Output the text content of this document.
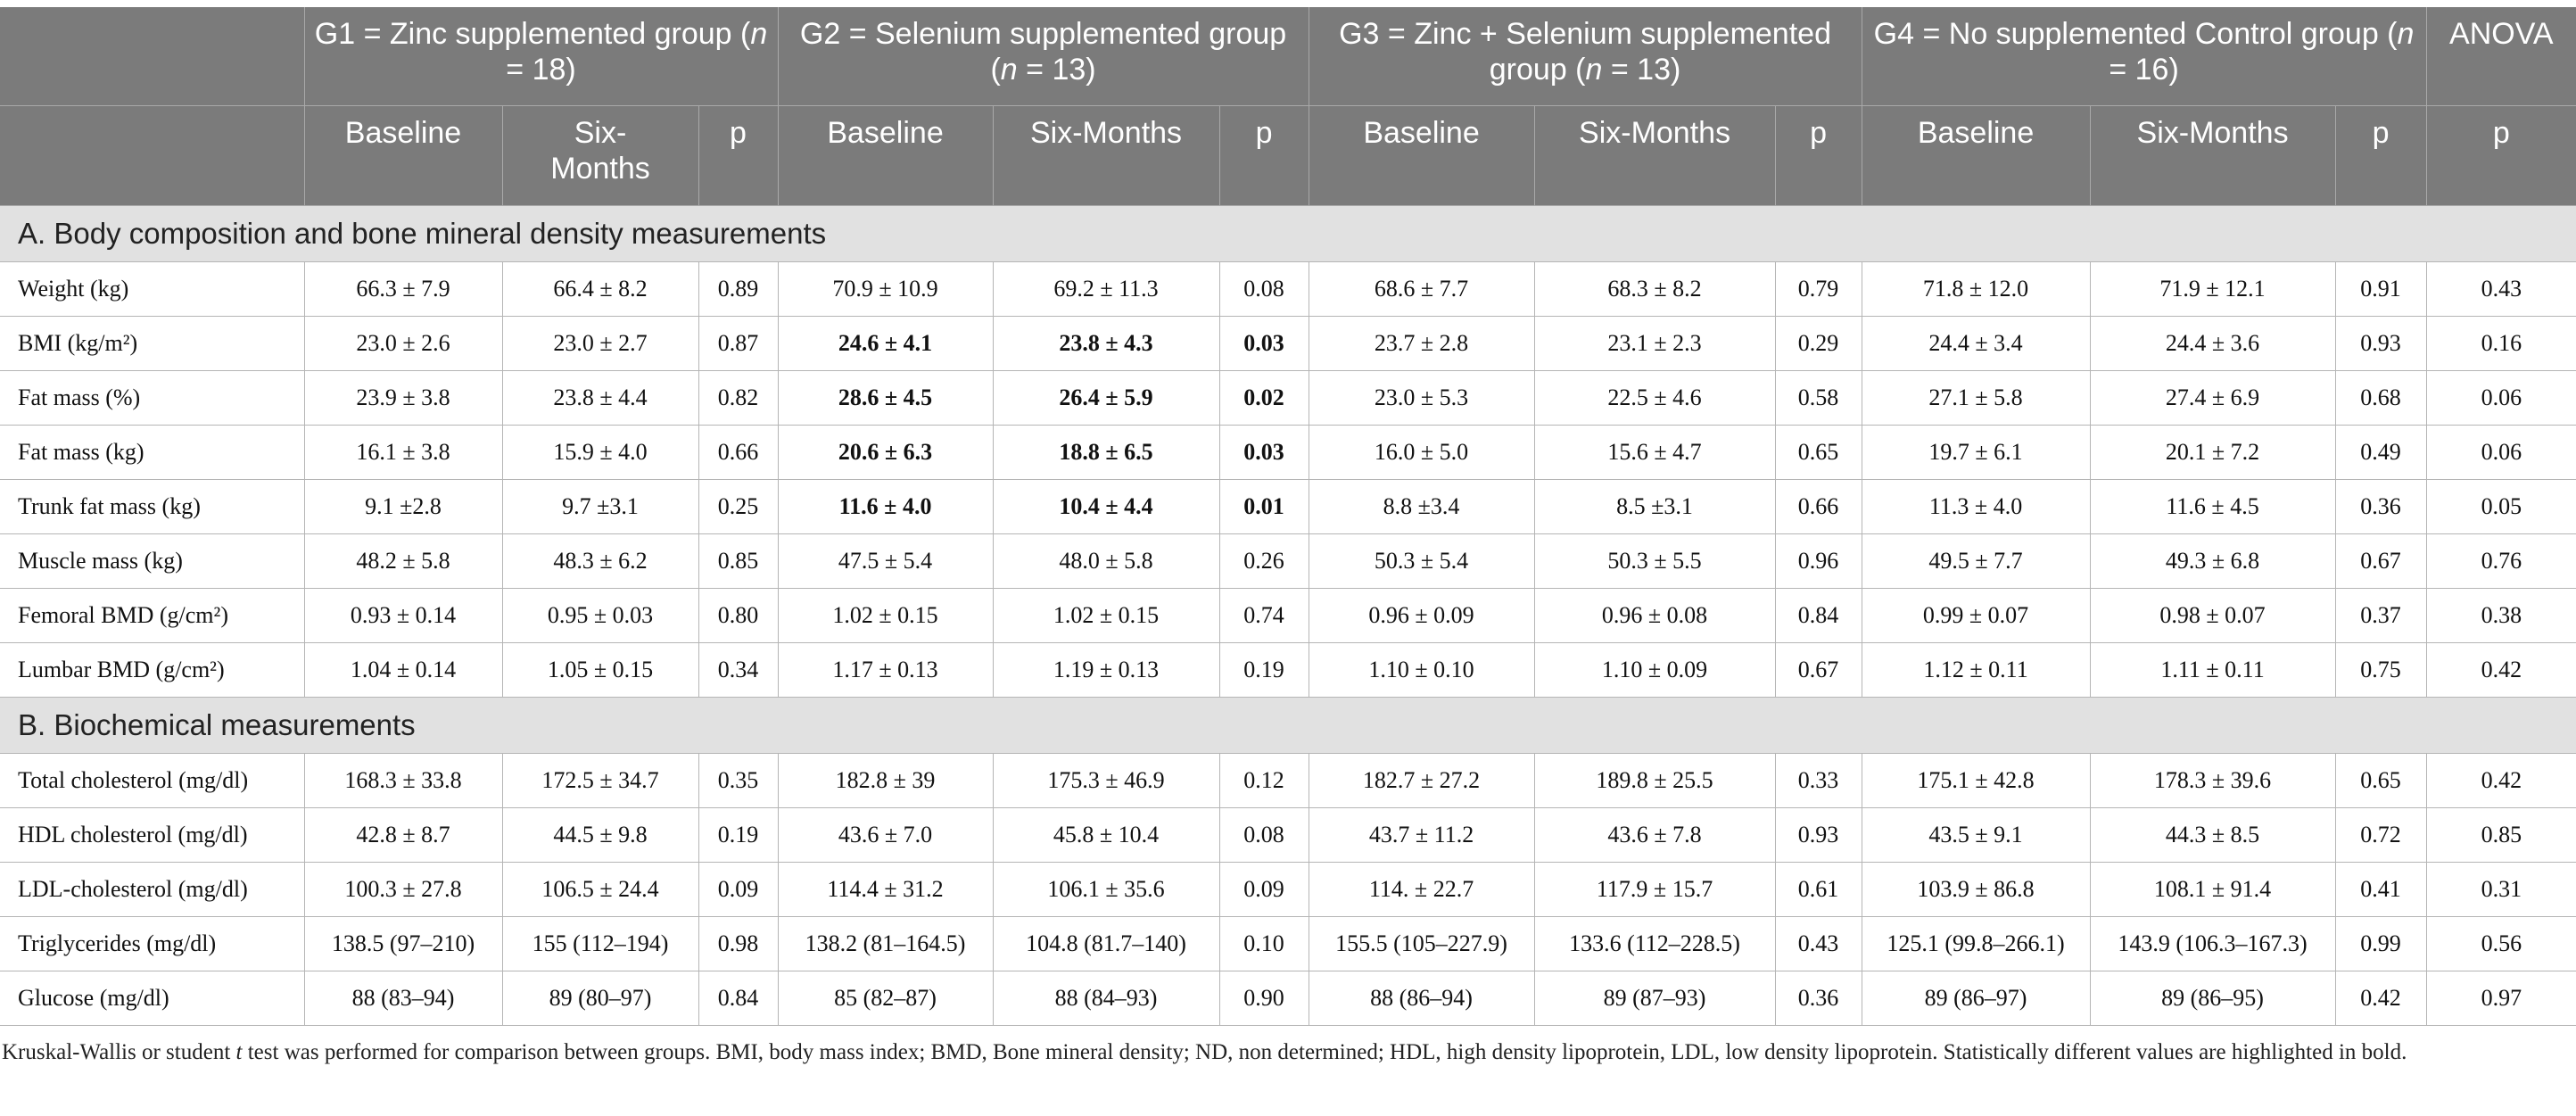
	G1 = Zinc supplemented group (n = 18)			G2 = Selenium supplemented group (n = 13)			G3 = Zinc + Selenium supplemented group (n = 13)			G4 = No supplemented Control group (n = 16)			ANOVA
	Baseline	Six-Months	p	Baseline	Six-Months	p	Baseline	Six-Months	p	Baseline	Six-Months	p	p
A. Body composition and bone mineral density measurements													
Weight (kg)	66.3 ± 7.9	66.4 ± 8.2	0.89	70.9 ± 10.9	69.2 ± 11.3	0.08	68.6 ± 7.7	68.3 ± 8.2	0.79	71.8 ± 12.0	71.9 ± 12.1	0.91	0.43
BMI (kg/m²)	23.0 ± 2.6	23.0 ± 2.7	0.87	24.6 ± 4.1	23.8 ± 4.3	0.03	23.7 ± 2.8	23.1 ± 2.3	0.29	24.4 ± 3.4	24.4 ± 3.6	0.93	0.16
Fat mass (%)	23.9 ± 3.8	23.8 ± 4.4	0.82	28.6 ± 4.5	26.4 ± 5.9	0.02	23.0 ± 5.3	22.5 ± 4.6	0.58	27.1 ± 5.8	27.4 ± 6.9	0.68	0.06
Fat mass (kg)	16.1 ± 3.8	15.9 ± 4.0	0.66	20.6 ± 6.3	18.8 ± 6.5	0.03	16.0 ± 5.0	15.6 ± 4.7	0.65	19.7 ± 6.1	20.1 ± 7.2	0.49	0.06
Trunk fat mass (kg)	9.1 ±2.8	9.7 ±3.1	0.25	11.6 ± 4.0	10.4 ± 4.4	0.01	8.8 ±3.4	8.5 ±3.1	0.66	11.3 ± 4.0	11.6 ± 4.5	0.36	0.05
Muscle mass (kg)	48.2 ± 5.8	48.3 ± 6.2	0.85	47.5 ± 5.4	48.0 ± 5.8	0.26	50.3 ± 5.4	50.3 ± 5.5	0.96	49.5 ± 7.7	49.3 ± 6.8	0.67	0.76
Femoral BMD (g/cm²)	0.93 ± 0.14	0.95 ± 0.03	0.80	1.02 ± 0.15	1.02 ± 0.15	0.74	0.96 ± 0.09	0.96 ± 0.08	0.84	0.99 ± 0.07	0.98 ± 0.07	0.37	0.38
Lumbar BMD (g/cm²)	1.04 ± 0.14	1.05 ± 0.15	0.34	1.17 ± 0.13	1.19 ± 0.13	0.19	1.10 ± 0.10	1.10 ± 0.09	0.67	1.12 ± 0.11	1.11 ± 0.11	0.75	0.42
B. Biochemical measurements													
Total cholesterol (mg/dl)	168.3 ± 33.8	172.5 ± 34.7	0.35	182.8 ± 39	175.3 ± 46.9	0.12	182.7 ± 27.2	189.8 ± 25.5	0.33	175.1 ± 42.8	178.3 ± 39.6	0.65	0.42
HDL cholesterol (mg/dl)	42.8 ± 8.7	44.5 ± 9.8	0.19	43.6 ± 7.0	45.8 ± 10.4	0.08	43.7 ± 11.2	43.6 ± 7.8	0.93	43.5 ± 9.1	44.3 ± 8.5	0.72	0.85
LDL-cholesterol (mg/dl)	100.3 ± 27.8	106.5 ± 24.4	0.09	114.4 ± 31.2	106.1 ± 35.6	0.09	114. ± 22.7	117.9 ± 15.7	0.61	103.9 ± 86.8	108.1 ± 91.4	0.41	0.31
Triglycerides (mg/dl)	138.5 (97–210)	155 (112–194)	0.98	138.2 (81–164.5)	104.8 (81.7–140)	0.10	155.5 (105–227.9)	133.6 (112–228.5)	0.43	125.1 (99.8–266.1)	143.9 (106.3–167.3)	0.99	0.56
Glucose (mg/dl)	88 (83–94)	89 (80–97)	0.84	85 (82–87)	88 (84–93)	0.90	88 (86–94)	89 (87–93)	0.36	89 (86–97)	89 (86–95)	0.42	0.97
Kruskal-Wallis or student t test was performed for comparison between groups. BMI, body mass index; BMD, Bone mineral density; ND, non determined; HDL, high density lipoprotein, LDL, low density lipoprotein. Statistically different values are highlighted in bold.
